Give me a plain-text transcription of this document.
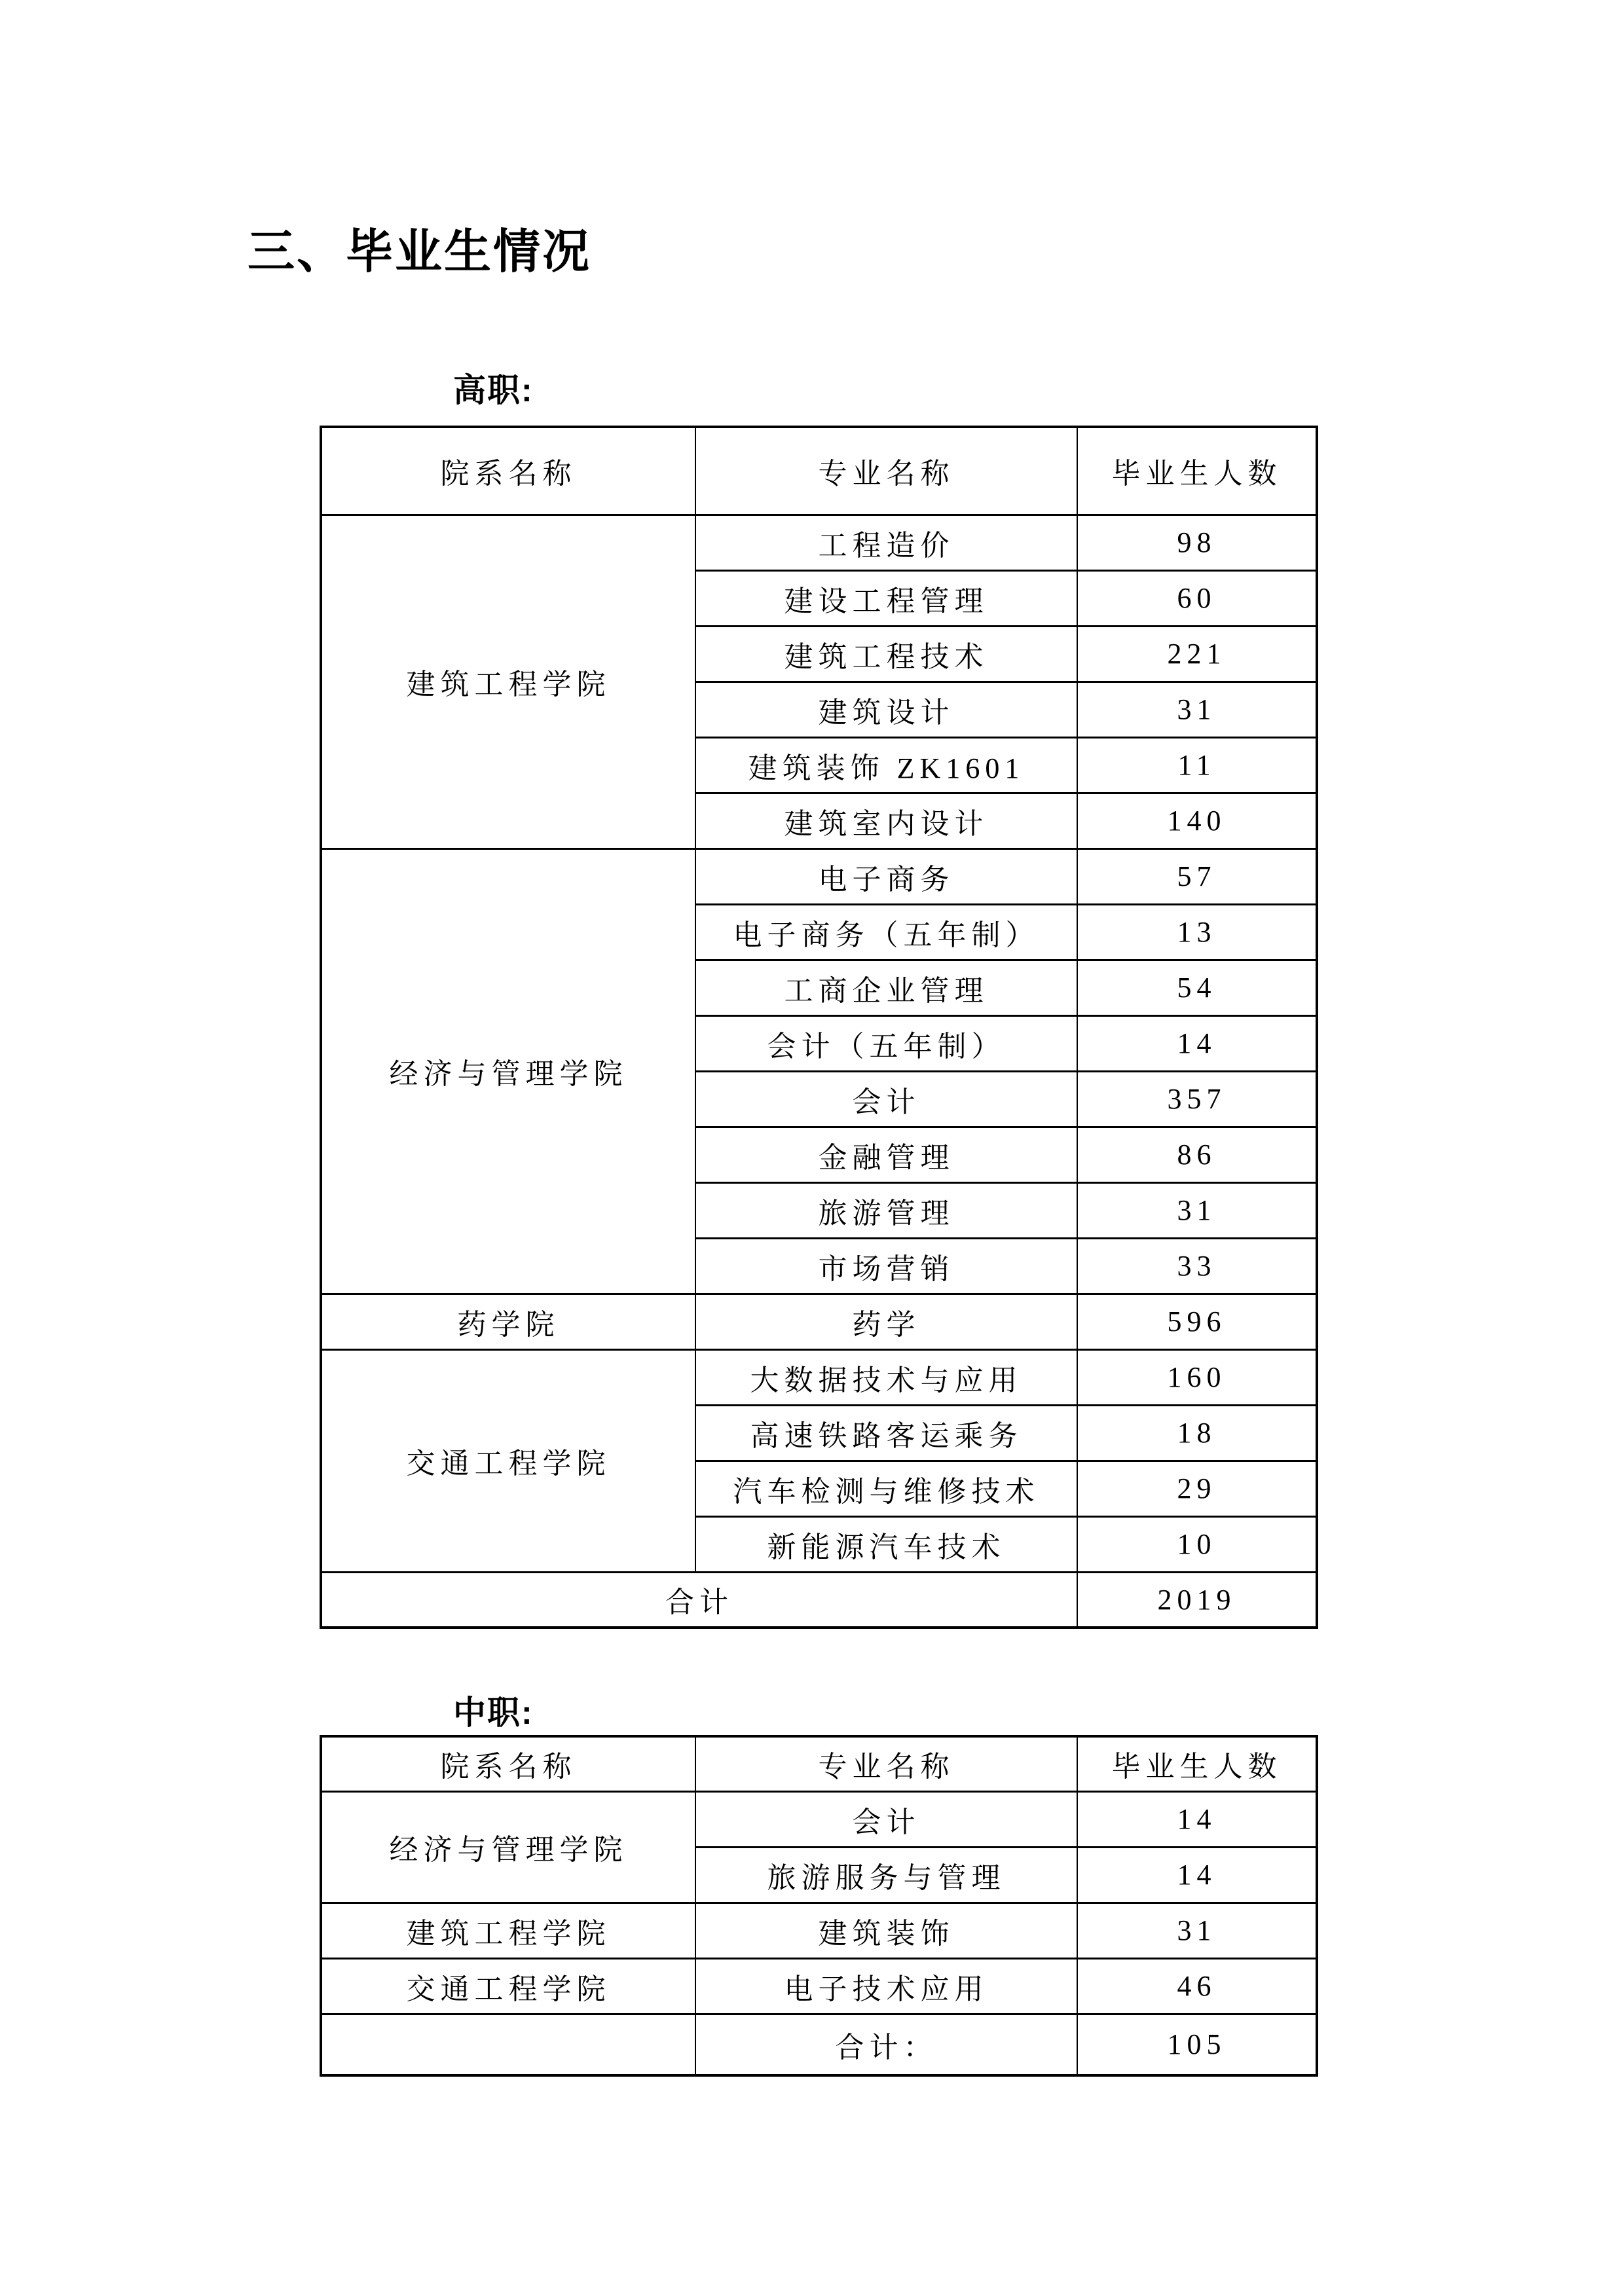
三、毕业生情况
高职:
院系名称	专业名称	毕业生人数
建筑工程学院	工程造价	98
	建设工程管理	60
	建筑工程技术	221
	建筑设计	31
	建筑装饰 ZK1601	11
	建筑室内设计	140
经济与管理学院	电子商务	57
	电子商务（五年制）	13
	工商企业管理	54
	会计（五年制）	14
	会计	357
	金融管理	86
	旅游管理	31
	市场营销	33
药学院	药学	596
交通工程学院	大数据技术与应用	160
	高速铁路客运乘务	18
	汽车检测与维修技术	29
	新能源汽车技术	10
合计		2019
中职:
院系名称	专业名称	毕业生人数
经济与管理学院	会计	14
	旅游服务与管理	14
建筑工程学院	建筑装饰	31
交通工程学院	电子技术应用	46
	合计：	105
